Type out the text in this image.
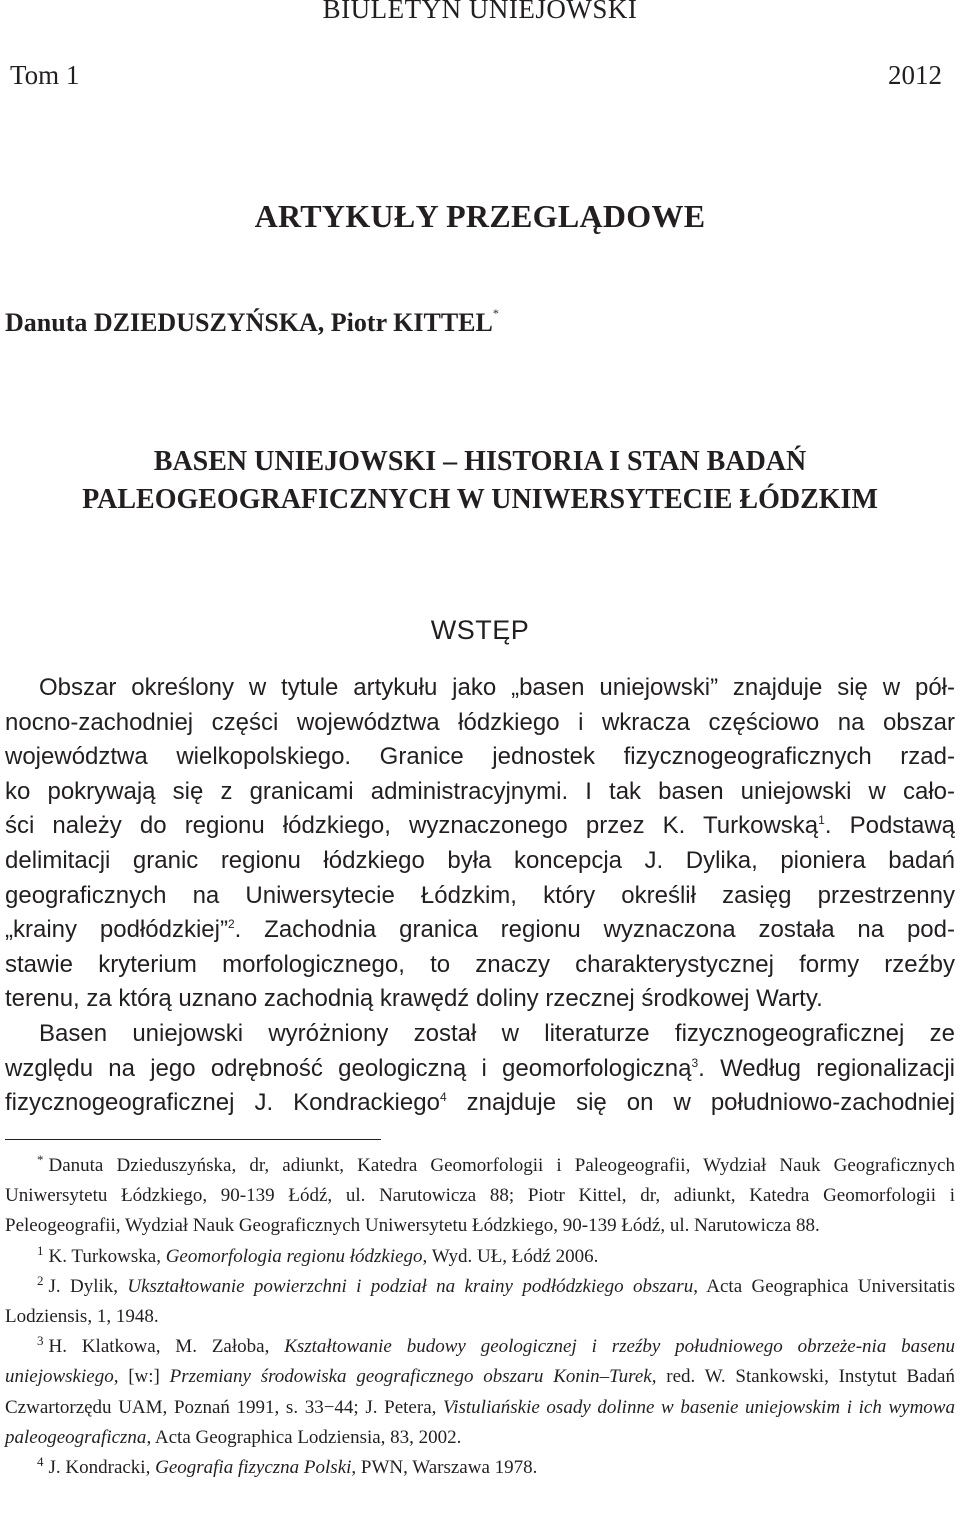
BIULETYN UNIEJOWSKI
Tom 1	2012
ARTYKUŁY PRZEGLĄDOWE
Danuta DZIEDUSZYŃSKA, Piotr KITTEL*
BASEN UNIEJOWSKI – HISTORIA I STAN BADAŃ
PALEOGEOGRAFICZNYCH W UNIWERSYTECIE ŁÓDZKIM
WSTĘP

Obszar określony w tytule artykułu jako „basen uniejowski” znajduje się w pół-

nocno-zachodniej części województwa łódzkiego i wkracza częściowo na obszar

województwa wielkopolskiego. Granice jednostek fizycznogeograficznych rzad-

ko pokrywają się z granicami administracyjnymi. I tak basen uniejowski w cało-

ści należy do regionu łódzkiego, wyznaczonego przez K. Turkowską$^1$. Podstawą

delimitacji granic regionu łódzkiego była koncepcja J. Dylika, pioniera badań

geograficznych na Uniwersytecie Łódzkim, który określił zasięg przestrzenny

„krainy podłódzkiej”$^2$. Zachodnia granica regionu wyznaczona została na pod-

stawie kryterium morfologicznego, to znaczy charakterystycznej formy rzeźby

terenu, za którą uznano zachodnią krawędź doliny rzecznej środkowej Warty.

Basen uniejowski wyróżniony został w literaturze fizycznogeograficznej ze

względu na jego odrębność geologiczną i geomorfologiczną$^3$. Według regionalizacji

fizycznogeograficznej J. Kondrackiego$^4$ znajduje się on w południowo-zachodniej

* Danuta Dzieduszyńska, dr, adiunkt, Katedra Geomorfologii i Paleogeografii, Wydział Nauk Geograficznych Uniwersytetu Łódzkiego, 90-139 Łódź, ul. Narutowicza 88; Piotr Kittel, dr, adiunkt, Katedra Geomorfologii i Peleogeografii, Wydział Nauk Geograficznych Uniwersytetu Łódzkiego, 90-139 Łódź, ul. Narutowicza 88.

$^1$ K. Turkowska, Geomorfologia regionu łódzkiego, Wyd. UŁ, Łódź 2006.

$^2$ J. Dylik, Ukształtowanie powierzchni i podział na krainy podłódzkiego obszaru, Acta Geographica Universitatis Lodziensis, 1, 1948.

$^3$ H. Klatkowa, M. Załoba, Kształtowanie budowy geologicznej i rzeźby południowego obrzeże-nia basenu uniejowskiego, [w:] Przemiany środowiska geograficznego obszaru Konin–Turek, red. W. Stankowski, Instytut Badań Czwartorzędu UAM, Poznań 1991, s. 33−44; J. Petera, Vistuliańskie osady dolinne w basenie uniejowskim i ich wymowa paleogeograficzna, Acta Geographica Lodziensia, 83, 2002.

$^4$ J. Kondracki, Geografia fizyczna Polski, PWN, Warszawa 1978.
